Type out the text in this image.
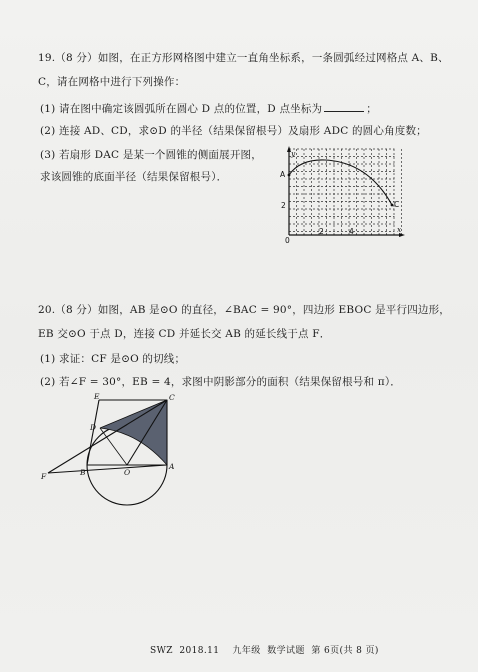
19.（8 分）如图，在正方形网格图中建立一直角坐标系，一条圆弧经过网格点 A、B、
C，请在网格中进行下列操作：
(1) 请在图中确定该圆弧所在圆心 D 点的位置，D 点坐标为	；
(2) 连接 AD、CD，求⊙D 的半径（结果保留根号）及扇形 ADC 的圆心角度数；
(3) 若扇形 DAC 是某一个圆锥的侧面展开图，
求该圆锥的底面半径（结果保留根号）．
y
x
0
2	4
2
A
C
20.（8 分）如图，AB 是⊙O 的直径，∠BAC = 90°，四边形 EBOC 是平行四边形，
EB 交⊙O 于点 D，连接 CD 并延长交 AB 的延长线于点 F．
(1) 求证：CF 是⊙O 的切线；
(2) 若∠F = 30°，EB = 4，求图中阴影部分的面积（结果保留根号和 π）．
E	C
D
F	B	O
A
SWZ 2018.11 九年级 数学试题 第 6页(共 8 页)
